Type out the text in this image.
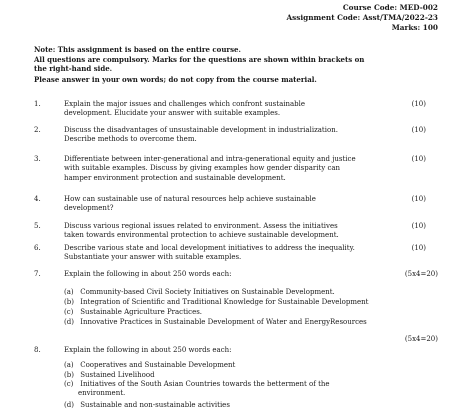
Course Code: MED-002
Assignment Code: Asst/TMA/2022-23
Marks: 100
Note: This assignment is based on the entire course.
All questions are compulsory. Marks for the questions are shown within brackets on
the right-hand side.
Please answer in your own words; do not copy from the course material.
1.	Explain the major issues and challenges which confront sustainable
development. Elucidate your answer with suitable examples.
(10)
2.	Discuss the disadvantages of unsustainable development in industrialization.
Describe methods to overcome them.
(10)
3.	Differentiate between inter-generational and intra-generational equity and justice
with suitable examples. Discuss by giving examples how gender disparity can
hamper environment protection and sustainable development.
(10)
4.	How can sustainable use of natural resources help achieve sustainable
development?
(10)
5.	Discuss various regional issues related to environment. Assess the initiatives
taken towards environmental protection to achieve sustainable development.
(10)
6.	Describe various state and local development initiatives to address the inequality.
Substantiate your answer with suitable examples.
(10)
7.	Explain the following in about 250 words each:	(5x4=20)
(a) Community-based Civil Society Initiatives on Sustainable Development.
(b) Integration of Scientific and Traditional Knowledge for Sustainable Development
(c) Sustainable Agriculture Practices.
(d) Innovative Practices in Sustainable Development of Water and EnergyResources
(5x4=20)
8.	Explain the following in about 250 words each:
(a) Cooperatives and Sustainable Development
(b) Sustained Livelihood
(c) Initiatives of the South Asian Countries towards the betterment of the
environment.
(d) Sustainable and non-sustainable activities
